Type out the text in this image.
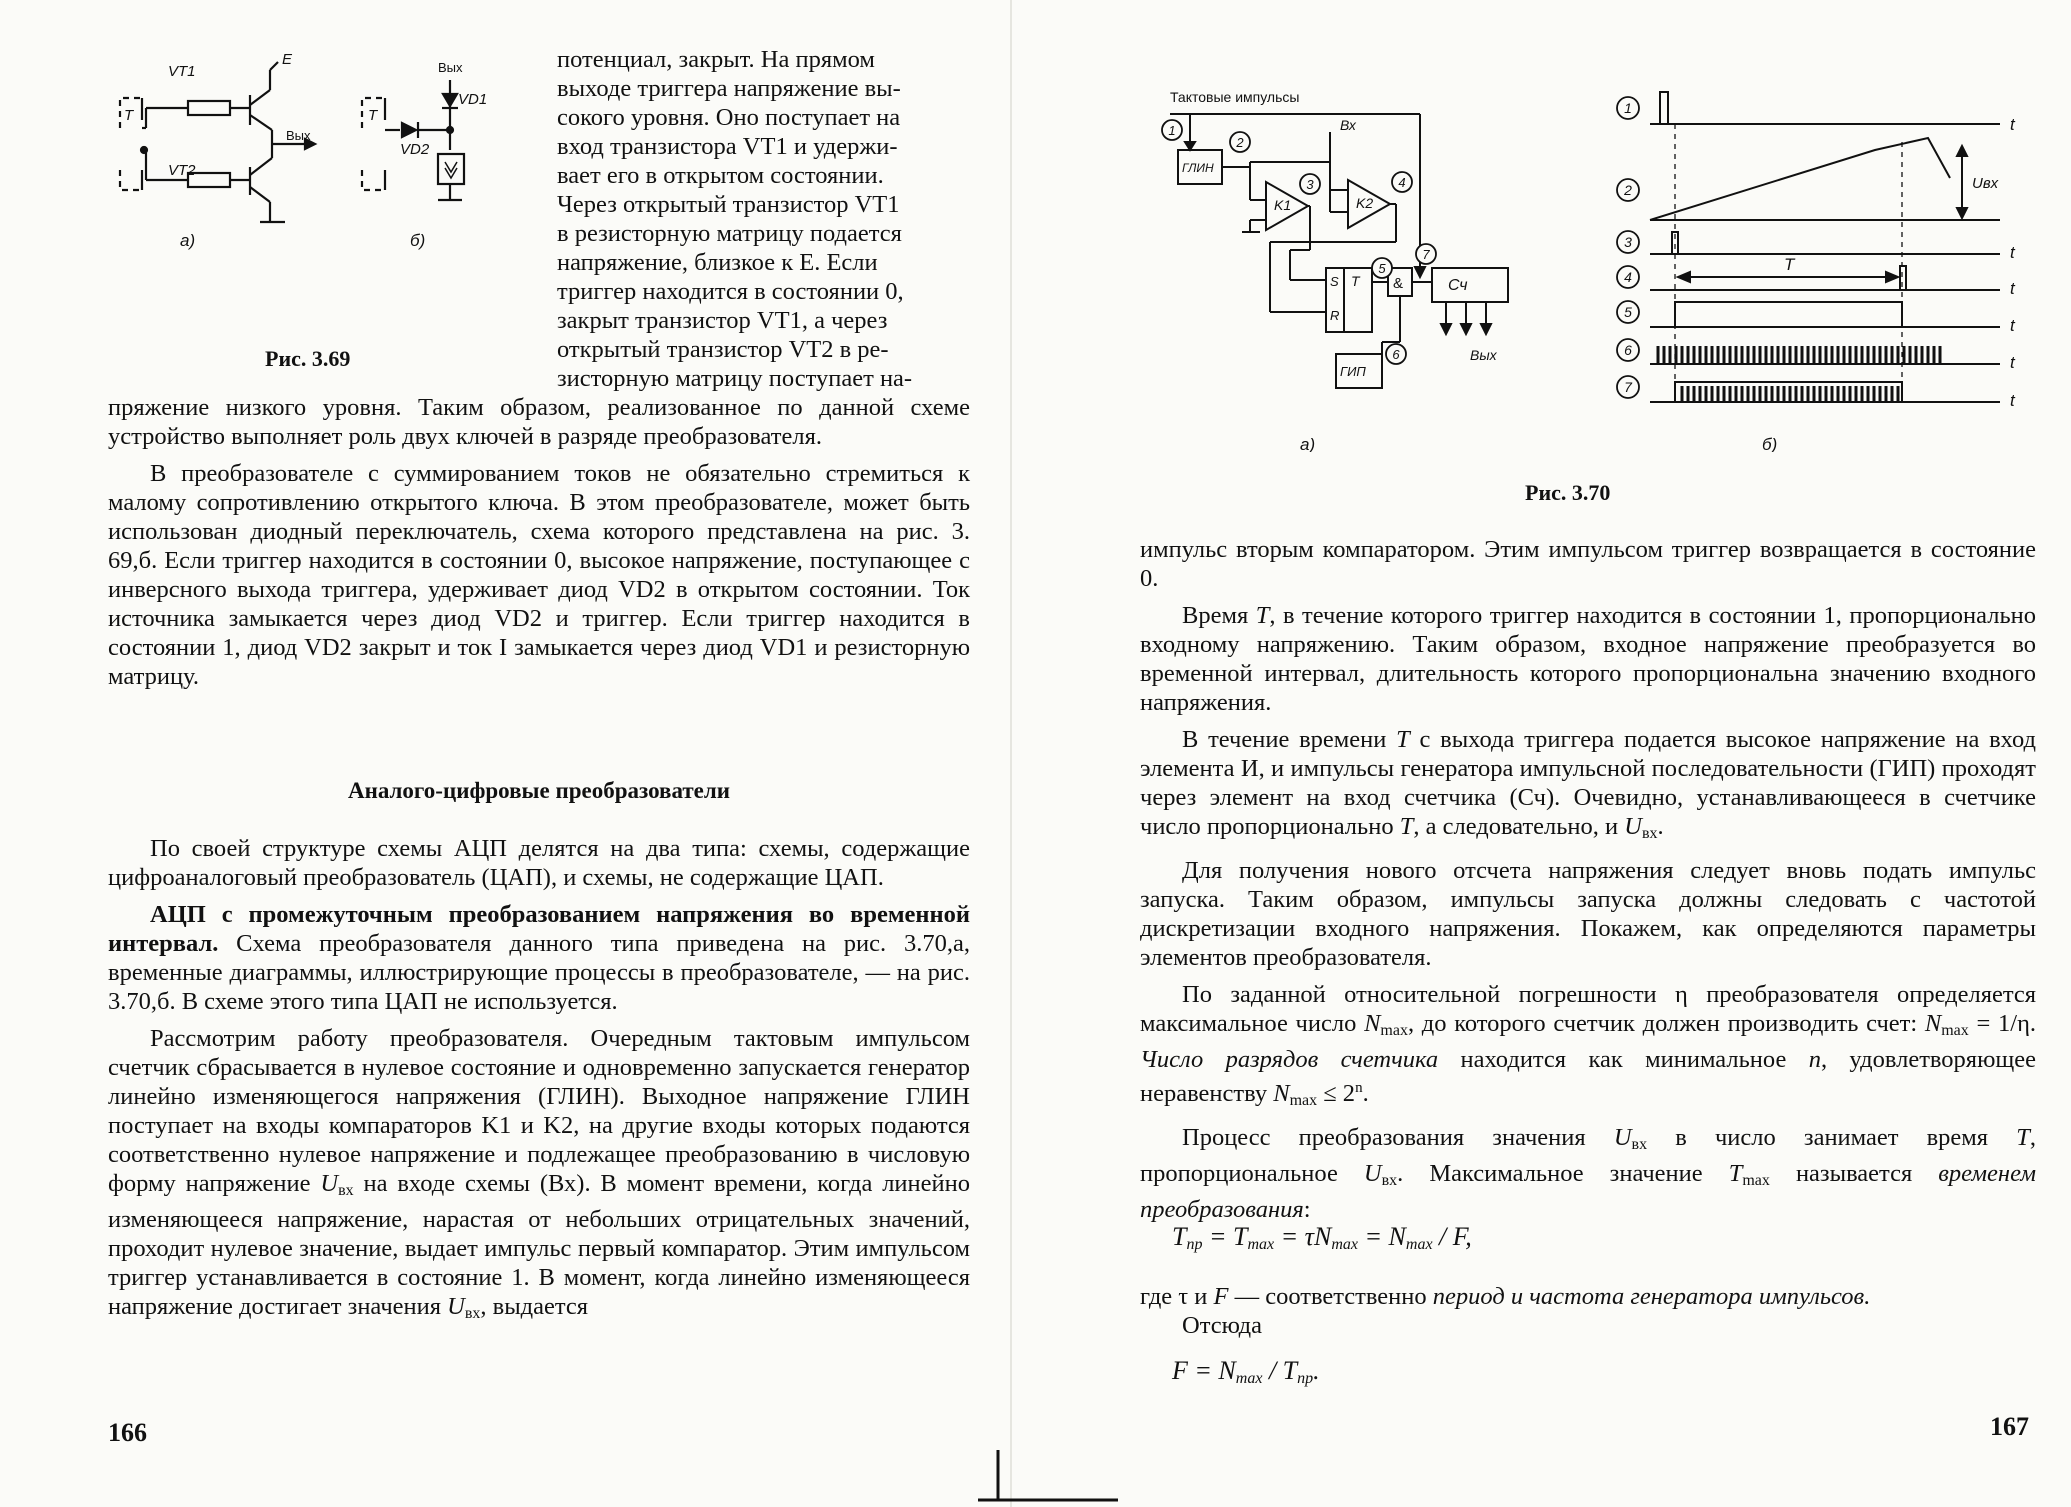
T
VT1
VT2
E
Вых
T
Вых
VD1
VD2
а)	б)
Рис. 3.69

потенциал, закрыт. На прямом

выходе триггера напряжение вы-

сокого уровня. Оно поступает на

вход транзистора VT1 и удержи-

вает его в открытом состоянии.

Через открытый транзистор VT1

в резисторную матрицу подается

напряжение, близкое к E. Если

триггер находится в состоянии 0,

закрыт транзистор VT1, а через

открытый транзистор VT2 в ре-

зисторную матрицу поступает на-

пряжение низкого уровня. Таким образом, реализованное по данной схеме устройство выполняет роль двух ключей в разряде преобразователя.

В преобразователе с суммированием токов не обязательно стремиться к малому сопротивлению открытого ключа. В этом преобразователе, может быть использован диодный переключатель, схема которого представлена на рис. 3. 69,б. Если триггер находится в состоянии 0, высокое напряжение, поступающее с инверсного выхода триггера, удерживает диод VD2 в открытом состоянии. Ток источника замыкается через диод VD2 и триггер. Если триггер находится в состоянии 1, диод VD2 закрыт и ток I замыкается через диод VD1 и резисторную матрицу.

Аналого-цифровые преобразователи

По своей структуре схемы АЦП делятся на два типа: схемы, содержащие цифроаналоговый преобразователь (ЦАП), и схемы, не содержащие ЦАП.

АЦП с промежуточным преобразованием напряжения во временной интервал. Схема преобразователя данного типа приведена на рис. 3.70,а, временные диаграммы, иллюстрирующие процессы в преобразователе, — на рис. 3.70,б. В схеме этого типа ЦАП не используется.

Рассмотрим работу преобразователя. Очередным тактовым импульсом счетчик сбрасывается в нулевое состояние и одновременно запускается генератор линейно изменяющегося напряжения (ГЛИН). Выходное напряжение ГЛИН поступает на входы компараторов K1 и K2, на другие входы которых подаются соответственно нулевое напряжение и подлежащее преобразованию в числовую форму напряжение $U_{вх}$ на входе схемы (Вх). В момент времени, когда линейно изменяющееся напряжение, нарастая от небольших отрицательных значений, проходит нулевое значение, выдает импульс первый компаратор. Этим импульсом триггер устанавливается в состояние 1. В момент, когда линейно изменяющееся напряжение достигает значения $U_{вх}$, выдается

166
Тактовые импульсы
ГЛИН
K1	K2
Вх
S
R
T &	Сч
ГИП
Вых
а)	б)
1
2
3	4
5
6
7
1
2
3
4
5
6
7
t
t
t
t
t
t
T
Uвх
Рис. 3.70

импульс вторым компаратором. Этим импульсом триггер возвращается в состояние 0.

Время T, в течение которого триггер находится в состоянии 1, пропорционально входному напряжению. Таким образом, входное напряжение преобразуется во временной интервал, длительность которого пропорциональна значению входного напряжения.

В течение времени T с выхода триггера подается высокое напряжение на вход элемента И, и импульсы генератора импульсной последовательности (ГИП) проходят через элемент на вход счетчика (Сч). Очевидно, устанавливающееся в счетчике число пропорционально T, а следовательно, и $U_{вх}$.

Для получения нового отсчета напряжения следует вновь подать импульс запуска. Таким образом, импульсы запуска должны следовать с частотой дискретизации входного напряжения. Покажем, как определяются параметры элементов преобразователя.

По заданной относительной погрешности η преобразователя определяется максимальное число $N_{max}$, до которого счетчик должен производить счет: $N_{max} = 1/\eta$. Число разрядов счетчика находится как минимальное n, удовлетворяющее неравенству $N_{max} \le 2^n$.

Процесс преобразования значения $U_{вх}$ в число занимает время T, пропорциональное $U_{вх}$. Максимальное значение $T_{max}$ называется временем преобразования:

$T_{пр} = T_{max} = \tau N_{max} = N_{max} / F$,

где τ и F — соответственно период и частота генератора импульсов.

Отсюда

$F = N_{max} / T_{пр}$.
167
